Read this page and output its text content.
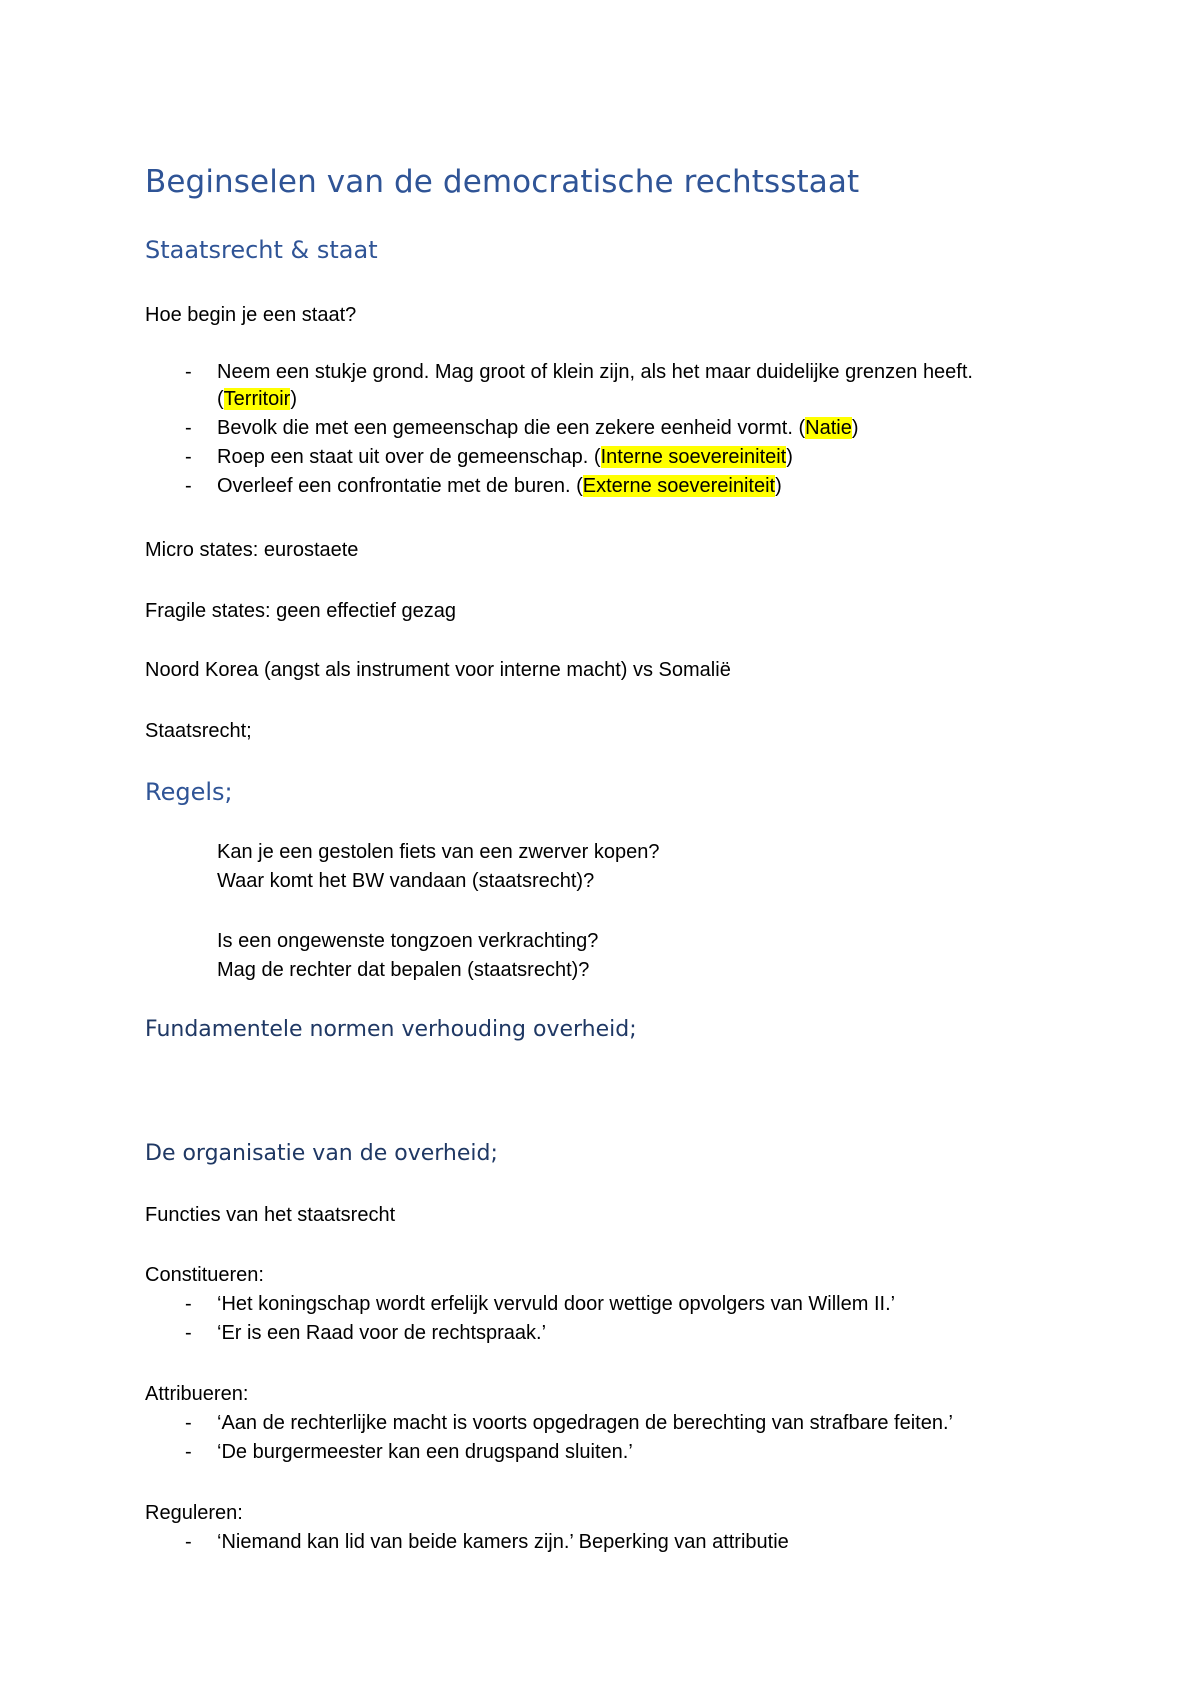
Beginselen van de democratische rechtsstaat
Staatsrecht & staat
Hoe begin je een staat?
- Neem een stukje grond. Mag groot of klein zijn, als het maar duidelijke grenzen heeft.
(Territoir)
- Bevolk die met een gemeenschap die een zekere eenheid vormt. (Natie)
- Roep een staat uit over de gemeenschap. (Interne soevereiniteit)
- Overleef een confrontatie met de buren. (Externe soevereiniteit)
Micro states: eurostaete
Fragile states: geen effectief gezag
Noord Korea (angst als instrument voor interne macht) vs Somalië
Staatsrecht;
Regels;
Kan je een gestolen fiets van een zwerver kopen?
Waar komt het BW vandaan (staatsrecht)?
Is een ongewenste tongzoen verkrachting?
Mag de rechter dat bepalen (staatsrecht)?
Fundamentele normen verhouding overheid;
De organisatie van de overheid;
Functies van het staatsrecht
Constitueren:
- ‘Het koningschap wordt erfelijk vervuld door wettige opvolgers van Willem II.’
- ‘Er is een Raad voor de rechtspraak.’
Attribueren:
- ‘Aan de rechterlijke macht is voorts opgedragen de berechting van strafbare feiten.’
- ‘De burgermeester kan een drugspand sluiten.’
Reguleren:
- ‘Niemand kan lid van beide kamers zijn.’ Beperking van attributie
